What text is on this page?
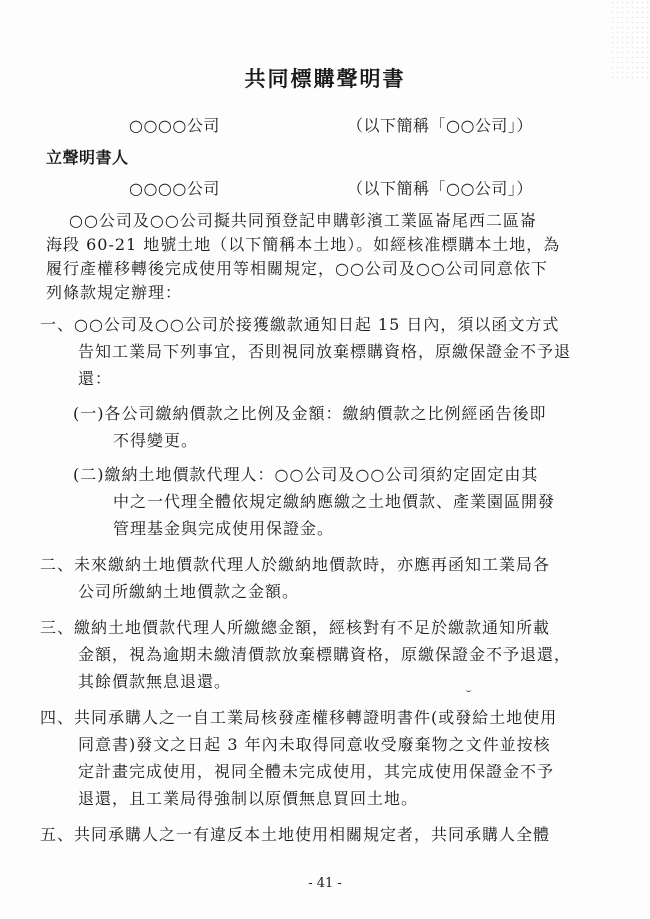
共同標購聲明書
○○○○公司	（以下簡稱「○○公司」）
立聲明書人
○○○○公司	（以下簡稱「○○公司」）
○○公司及○○公司擬共同預登記申購彰濱工業區崙尾西二區崙
海段 60-21 地號土地（以下簡稱本土地）。如經核准標購本土地，為
履行產權移轉後完成使用等相關規定，○○公司及○○公司同意依下
列條款規定辦理：
一、○○公司及○○公司於接獲繳款通知日起 15 日內，須以函文方式
告知工業局下列事宜，否則視同放棄標購資格，原繳保證金不予退
還：
(一)各公司繳納價款之比例及金額：繳納價款之比例經函告後即
不得變更。
(二)繳納土地價款代理人：○○公司及○○公司須約定固定由其
中之一代理全體依規定繳納應繳之土地價款、產業園區開發
管理基金與完成使用保證金。
二、未來繳納土地價款代理人於繳納地價款時，亦應再函知工業局各
公司所繳納土地價款之金額。
三、繳納土地價款代理人所繳總金額，經核對有不足於繳款通知所載
金額，視為逾期未繳清價款放棄標購資格，原繳保證金不予退還，
其餘價款無息退還。
四、共同承購人之一自工業局核發產權移轉證明書件(或發給土地使用
同意書)發文之日起 3 年內未取得同意收受廢棄物之文件並按核
定計畫完成使用，視同全體未完成使用，其完成使用保證金不予
退還，且工業局得強制以原價無息買回土地。
五、共同承購人之一有違反本土地使用相關規定者，共同承購人全體
- 41 -
